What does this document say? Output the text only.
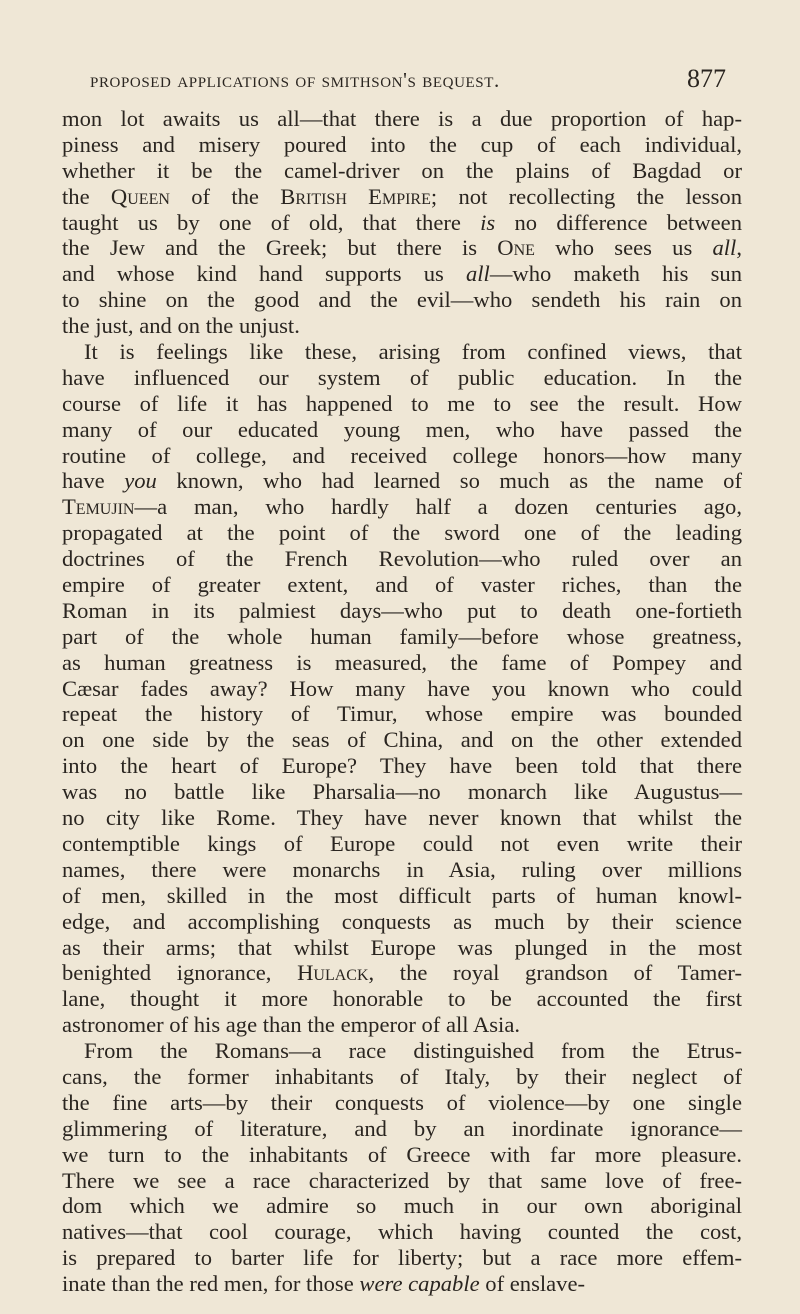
proposed applications of smithson's bequest.	877
mon lot awaits us all—that there is a due proportion of hap-
piness and misery poured into the cup of each individual,
whether it be the camel-driver on the plains of Bagdad or
the Queen of the British Empire; not recollecting the lesson
taught us by one of old, that there is no difference between
the Jew and the Greek; but there is One who sees us all,
and whose kind hand supports us all—who maketh his sun
to shine on the good and the evil—who sendeth his rain on
the just, and on the unjust.
It is feelings like these, arising from confined views, that
have influenced our system of public education. In the
course of life it has happened to me to see the result. How
many of our educated young men, who have passed the
routine of college, and received college honors—how many
have you known, who had learned so much as the name of
Temujin—a man, who hardly half a dozen centuries ago,
propagated at the point of the sword one of the leading
doctrines of the French Revolution—who ruled over an
empire of greater extent, and of vaster riches, than the
Roman in its palmiest days—who put to death one-fortieth
part of the whole human family—before whose greatness,
as human greatness is measured, the fame of Pompey and
Cæsar fades away? How many have you known who could
repeat the history of Timur, whose empire was bounded
on one side by the seas of China, and on the other extended
into the heart of Europe? They have been told that there
was no battle like Pharsalia—no monarch like Augustus—
no city like Rome. They have never known that whilst the
contemptible kings of Europe could not even write their
names, there were monarchs in Asia, ruling over millions
of men, skilled in the most difficult parts of human knowl-
edge, and accomplishing conquests as much by their science
as their arms; that whilst Europe was plunged in the most
benighted ignorance, Hulack, the royal grandson of Tamer-
lane, thought it more honorable to be accounted the first
astronomer of his age than the emperor of all Asia.
From the Romans—a race distinguished from the Etrus-
cans, the former inhabitants of Italy, by their neglect of
the fine arts—by their conquests of violence—by one single
glimmering of literature, and by an inordinate ignorance—
we turn to the inhabitants of Greece with far more pleasure.
There we see a race characterized by that same love of free-
dom which we admire so much in our own aboriginal
natives—that cool courage, which having counted the cost,
is prepared to barter life for liberty; but a race more effem-
inate than the red men, for those were capable of enslave-
